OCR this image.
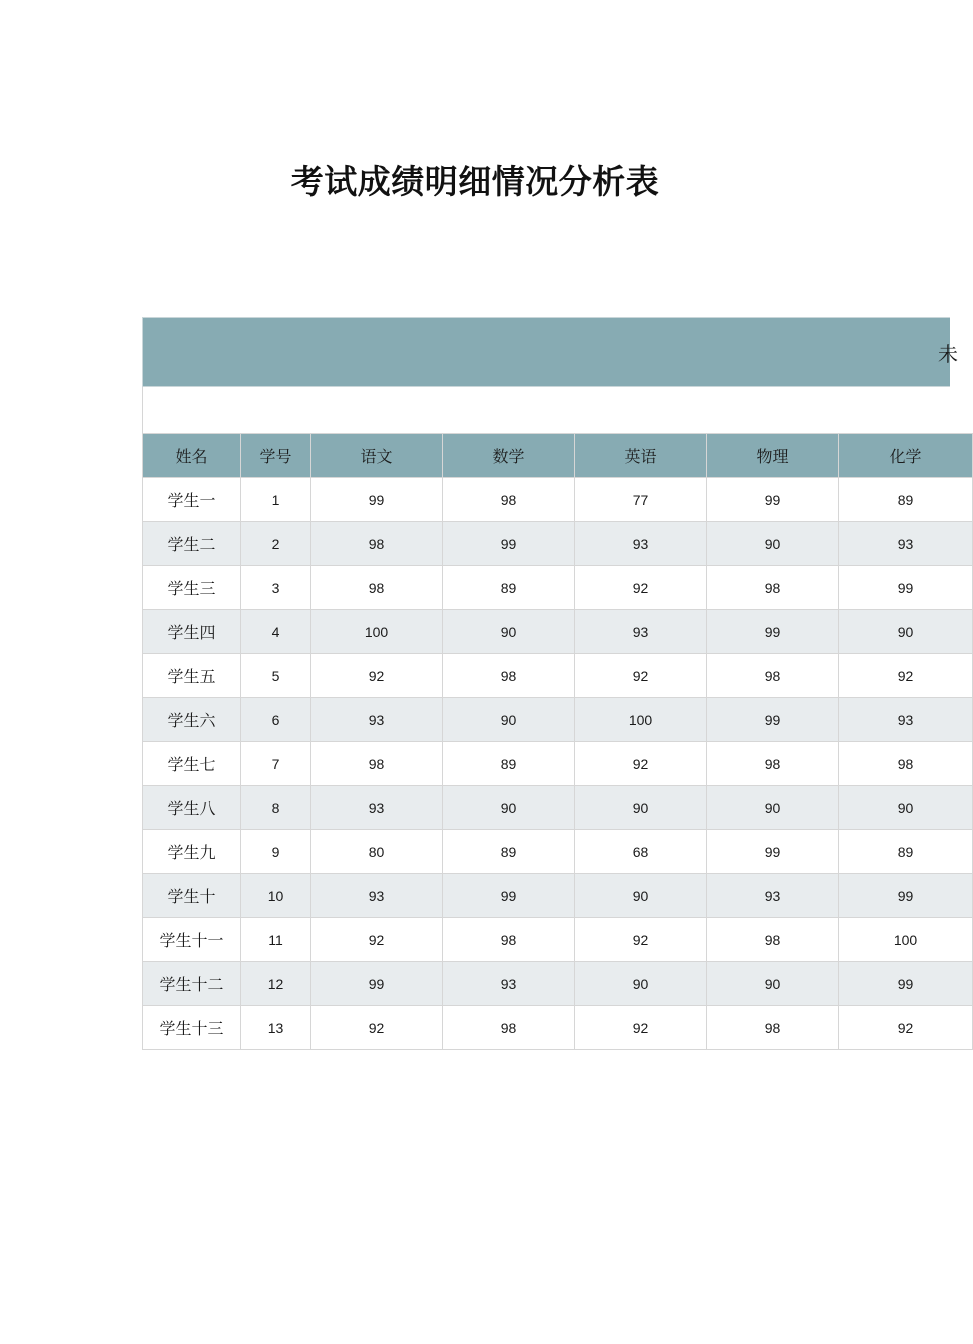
考试成绩明细情况分析表
未
姓名	学号	语文	数学	英语	物理	化学
学生一	1	99	98	77	99	89
学生二	2	98	99	93	90	93
学生三	3	98	89	92	98	99
学生四	4	100	90	93	99	90
学生五	5	92	98	92	98	92
学生六	6	93	90	100	99	93
学生七	7	98	89	92	98	98
学生八	8	93	90	90	90	90
学生九	9	80	89	68	99	89
学生十	10	93	99	90	93	99
学生十一	11	92	98	92	98	100
学生十二	12	99	93	90	90	99
学生十三	13	92	98	92	98	92
